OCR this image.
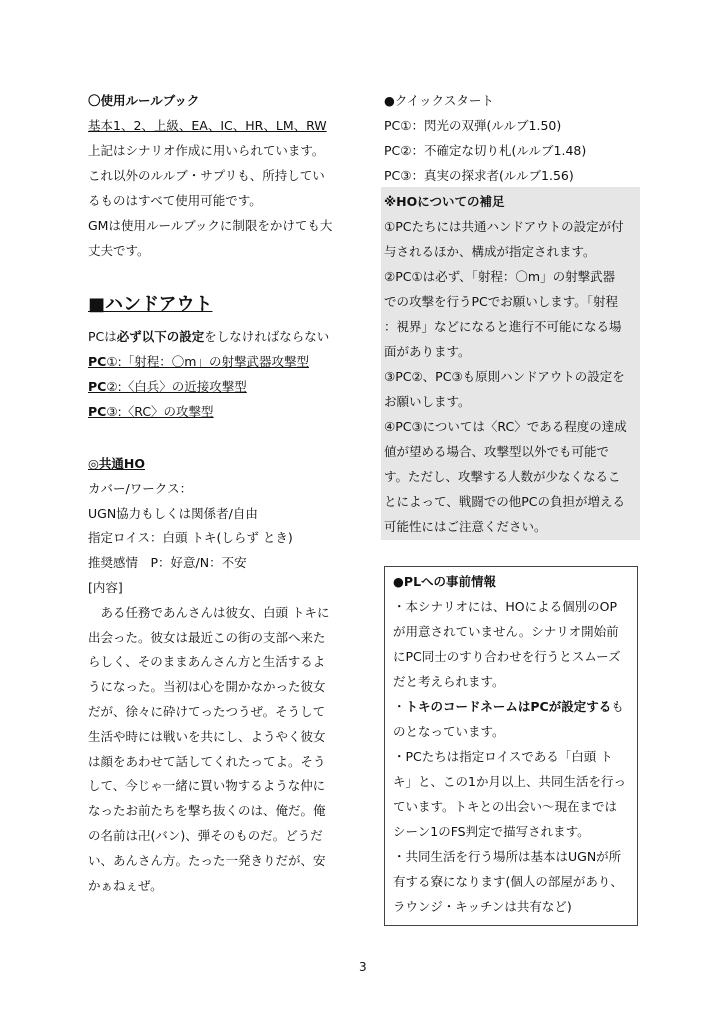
〇使用ルールブック
基本1、2、上級、EA、IC、HR、LM、RW
上記はシナリオ作成に用いられています。
これ以外のルルブ・サプリも、所持してい
るものはすべて使用可能です。
GMは使用ルールブックに制限をかけても大
丈夫です。
■ハンドアウト
PCは必ず以下の設定をしなければならない
PC①:「射程：〇m」の射撃武器攻撃型
PC②:〈白兵〉の近接攻撃型
PC③:〈RC〉の攻撃型
◎共通HO
カバー/ワークス：
UGN協力もしくは関係者/自由
指定ロイス：白頭 トキ(しらず とき)
推奨感情　P：好意/N：不安
[内容]
　ある任務であんさんは彼女、白頭 トキに
出会った。彼女は最近この街の支部へ来た
らしく、そのままあんさん方と生活するよ
うになった。当初は心を開かなかった彼女
だが、徐々に砕けてったつうぜ。そうして
生活や時には戦いを共にし、ようやく彼女
は顔をあわせて話してくれたってよ。そう
して、今じゃ一緒に買い物するような仲に
なったお前たちを撃ち抜くのは、俺だ。俺
の名前は卍(バン)、弾そのものだ。どうだ
い、あんさん方。たった一発きりだが、安
かぁねぇぜ。
●クイックスタート
PC①：閃光の双弾(ルルブ1.50)
PC②：不確定な切り札(ルルブ1.48)
PC③：真実の探求者(ルルブ1.56)
※HOについての補足
①PCたちには共通ハンドアウトの設定が付
与されるほか、構成が指定されます。
②PC①は必ず、「射程：〇m」の射撃武器
での攻撃を行うPCでお願いします。「射程
：視界」などになると進行不可能になる場
面があります。
③PC②、PC③も原則ハンドアウトの設定を
お願いします。
④PC③については〈RC〉である程度の達成
値が望める場合、攻撃型以外でも可能で
す。ただし、攻撃する人数が少なくなるこ
とによって、戦闘での他PCの負担が増える
可能性にはご注意ください。
●PLへの事前情報
・本シナリオには、HOによる個別のOP
が用意されていません。シナリオ開始前
にPC同士のすり合わせを行うとスムーズ
だと考えられます。
・トキのコードネームはPCが設定するも
のとなっています。
・PCたちは指定ロイスである「白頭 ト
キ」と、この1か月以上、共同生活を行っ
ています。トキとの出会い～現在までは
シーン1のFS判定で描写されます。
・共同生活を行う場所は基本はUGNが所
有する寮になります(個人の部屋があり、
ラウンジ・キッチンは共有など)
3
